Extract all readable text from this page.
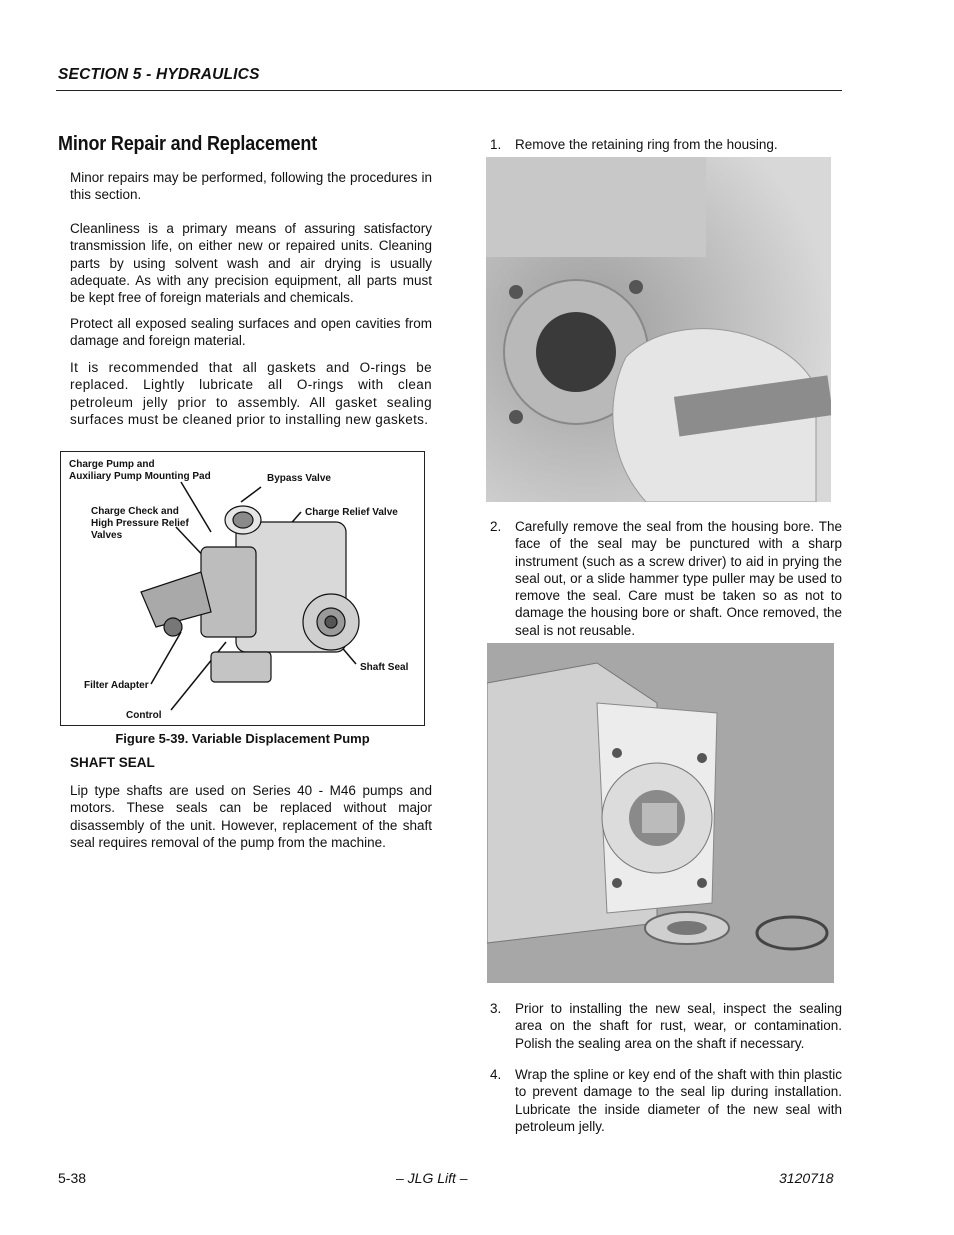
SECTION 5 - HYDRAULICS
Minor Repair and Replacement
Minor repairs may be performed, following the procedures in this section.
Cleanliness is a primary means of assuring satisfactory transmission life, on either new or repaired units. Cleaning parts by using solvent wash and air drying is usually adequate. As with any precision equipment, all parts must be kept free of foreign materials and chemicals.
Protect all exposed sealing surfaces and open cavities from damage and foreign material.
It is recommended that all gaskets and O-rings be replaced. Lightly lubricate all O-rings with clean petroleum jelly prior to assembly. All gasket sealing surfaces must be cleaned prior to installing new gaskets.
Charge Pump and
Auxiliary Pump Mounting Pad	Bypass Valve
Charge Check and
High Pressure Relief
Valves
Charge Relief Valve
Shaft Seal
Filter Adapter
Control
Figure 5-39. Variable Displacement Pump
SHAFT SEAL
Lip type shafts are used on Series 40 - M46 pumps and motors. These seals can be replaced without major disassembly of the unit. However, replacement of the shaft seal requires removal of the pump from the machine.
1. Remove the retaining ring from the housing.
2. Carefully remove the seal from the housing bore. The face of the seal may be punctured with a sharp instrument (such as a screw driver) to aid in prying the seal out, or a slide hammer type puller may be used to remove the seal. Care must be taken so as not to damage the housing bore or shaft. Once removed, the seal is not reusable.
3. Prior to installing the new seal, inspect the sealing area on the shaft for rust, wear, or contamination. Polish the sealing area on the shaft if necessary.
4. Wrap the spline or key end of the shaft with thin plastic to prevent damage to the seal lip during installation. Lubricate the inside diameter of the new seal with petroleum jelly.
5-38	– JLG Lift –	3120718
